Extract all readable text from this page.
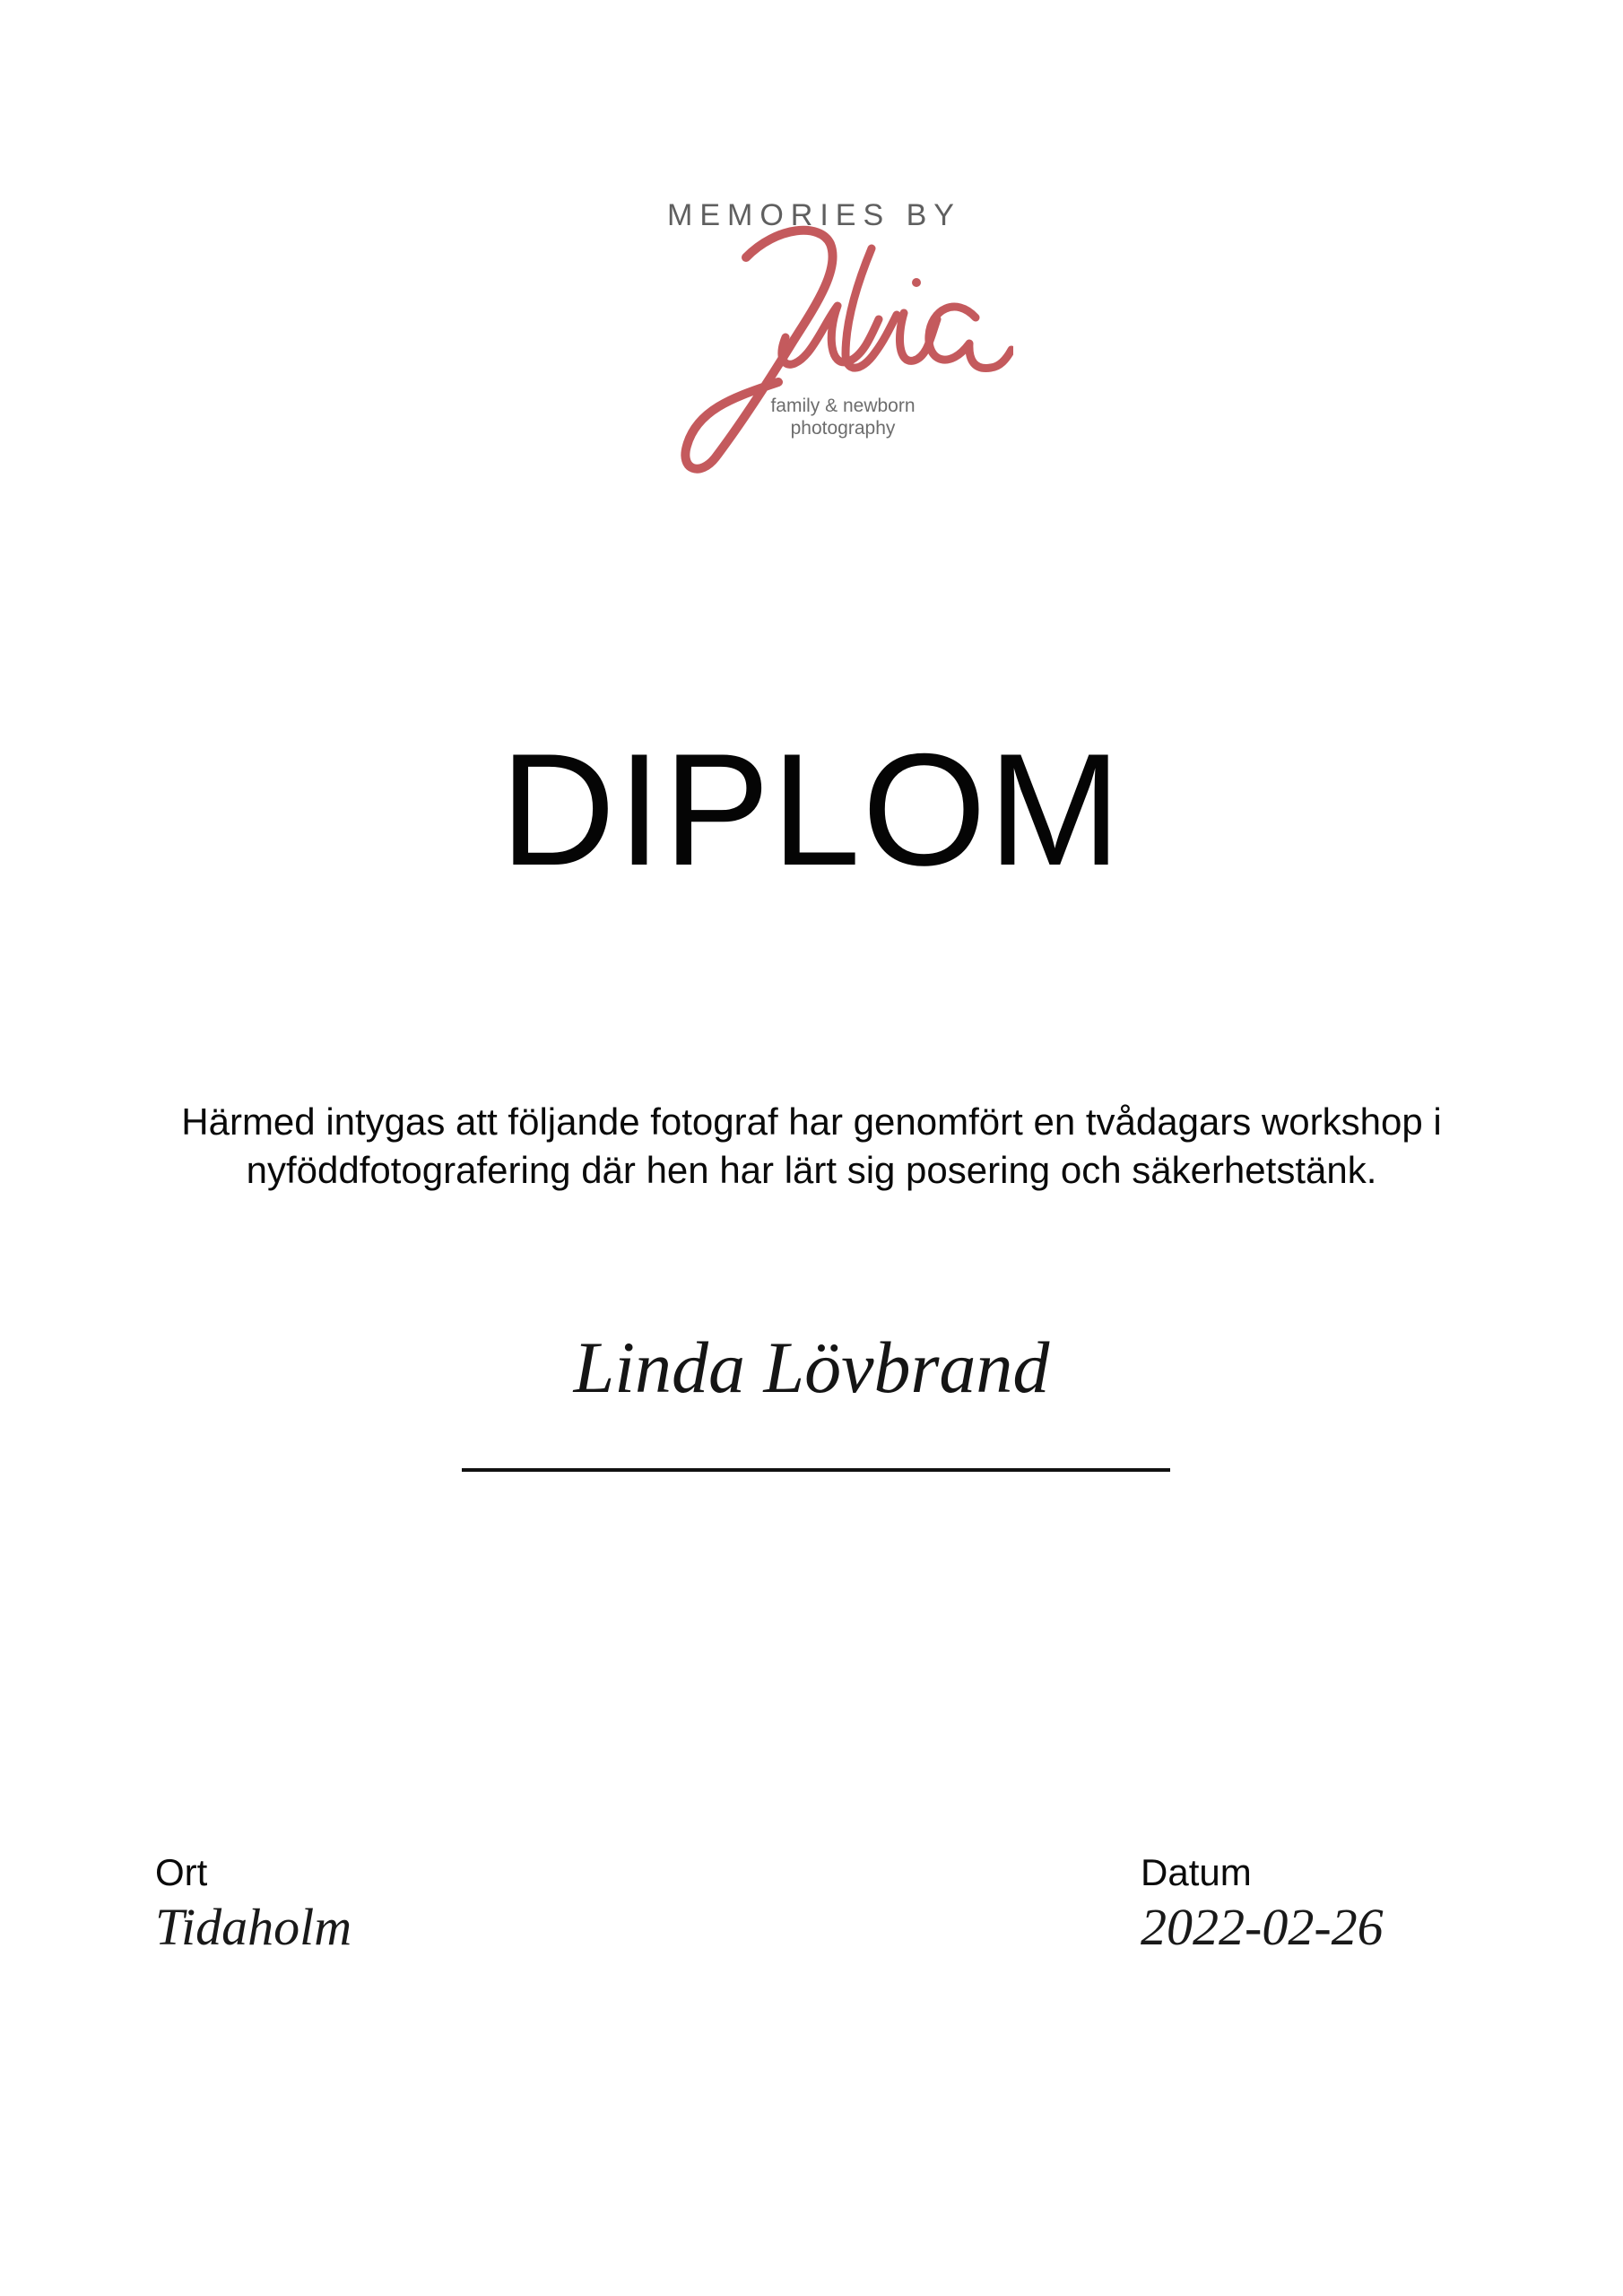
MEMORIES BY
family & newborn
photography
DIPLOM
Härmed intygas att följande fotograf har genomfört en tvådagars workshop i
nyföddfotografering där hen har lärt sig posering och säkerhetstänk.
Linda Lövbrand
Ort
Tidaholm
Datum
2022-02-26
